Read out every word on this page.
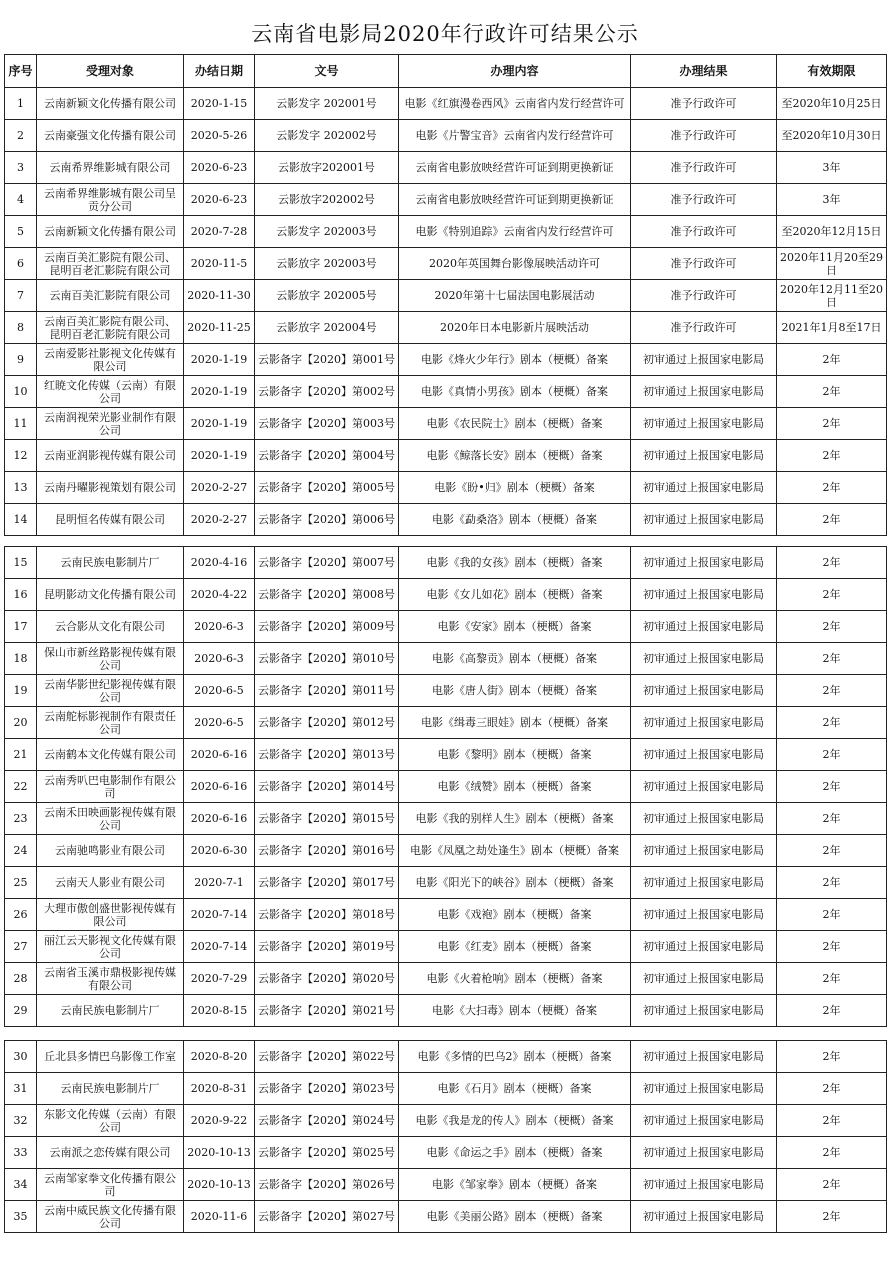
云南省电影局2020年行政许可结果公示
序号	受理对象	办结日期	文号	办理内容	办理结果	有效期限
1	云南新颖文化传播有限公司	2020-1-15	云影发字 202001号	电影《红旗漫卷西风》云南省内发行经营许可	准予行政许可	至2020年10月25日
2	云南豪强文化传播有限公司	2020-5-26	云影发字 202002号	电影《片警宝音》云南省内发行经营许可	准予行政许可	至2020年10月30日
3	云南希界维影城有限公司	2020-6-23	云影放字202001号	云南省电影放映经营许可证到期更换新证	准予行政许可	3年
4	云南希界维影城有限公司呈贡分公司	2020-6-23	云影放字202002号	云南省电影放映经营许可证到期更换新证	准予行政许可	3年
5	云南新颖文化传播有限公司	2020-7-28	云影发字 202003号	电影《特别追踪》云南省内发行经营许可	准予行政许可	至2020年12月15日
6	云南百美汇影院有限公司、昆明百老汇影院有限公司	2020-11-5	云影放字 202003号	2020年英国舞台影像展映活动许可	准予行政许可	2020年11月20至29日
7	云南百美汇影院有限公司	2020-11-30	云影放字 202005号	2020年第十七届法国电影展活动	准予行政许可	2020年12月11至20日
8	云南百美汇影院有限公司、昆明百老汇影院有限公司	2020-11-25	云影放字 202004号	2020年日本电影新片展映活动	准予行政许可	2021年1月8至17日
9	云南爱影社影视文化传媒有限公司	2020-1-19	云影备字【2020】第001号	电影《烽火少年行》剧本（梗概）备案	初审通过上报国家电影局	2年
10	红暁文化传媒（云南）有限公司	2020-1-19	云影备字【2020】第002号	电影《真情小男孩》剧本（梗概）备案	初审通过上报国家电影局	2年
11	云南润视荣光影业制作有限公司	2020-1-19	云影备字【2020】第003号	电影《农民院士》剧本（梗概）备案	初审通过上报国家电影局	2年
12	云南亚润影视传媒有限公司	2020-1-19	云影备字【2020】第004号	电影《鲸落长安》剧本（梗概）备案	初审通过上报国家电影局	2年
13	云南丹曜影视策划有限公司	2020-2-27	云影备字【2020】第005号	电影《盼•归》剧本（梗概）备案	初审通过上报国家电影局	2年
14	昆明恒名传媒有限公司	2020-2-27	云影备字【2020】第006号	电影《勐桑洛》剧本（梗概）备案	初审通过上报国家电影局	2年
15	云南民族电影制片厂	2020-4-16	云影备字【2020】第007号	电影《我的女孩》剧本（梗概）备案	初审通过上报国家电影局	2年
16	昆明影动文化传播有限公司	2020-4-22	云影备字【2020】第008号	电影《女儿如花》剧本（梗概）备案	初审通过上报国家电影局	2年
17	云合影从文化有限公司	2020-6-3	云影备字【2020】第009号	电影《安家》剧本（梗概）备案	初审通过上报国家电影局	2年
18	保山市新丝路影视传媒有限公司	2020-6-3	云影备字【2020】第010号	电影《高黎贡》剧本（梗概）备案	初审通过上报国家电影局	2年
19	云南华影世纪影视传媒有限公司	2020-6-5	云影备字【2020】第011号	电影《唐人街》剧本（梗概）备案	初审通过上报国家电影局	2年
20	云南舵标影视制作有限责任公司	2020-6-5	云影备字【2020】第012号	电影《缉毒三眼娃》剧本（梗概）备案	初审通过上报国家电影局	2年
21	云南鹤本文化传媒有限公司	2020-6-16	云影备字【2020】第013号	电影《黎明》剧本（梗概）备案	初审通过上报国家电影局	2年
22	云南秀叭巴电影制作有限公司	2020-6-16	云影备字【2020】第014号	电影《绒赞》剧本（梗概）备案	初审通过上报国家电影局	2年
23	云南禾田映画影视传媒有限公司	2020-6-16	云影备字【2020】第015号	电影《我的别样人生》剧本（梗概）备案	初审通过上报国家电影局	2年
24	云南驰鸣影业有限公司	2020-6-30	云影备字【2020】第016号	电影《凤凰之劫处逢生》剧本（梗概）备案	初审通过上报国家电影局	2年
25	云南天人影业有限公司	2020-7-1	云影备字【2020】第017号	电影《阳光下的峡谷》剧本（梗概）备案	初审通过上报国家电影局	2年
26	大理市傲创盛世影视传媒有限公司	2020-7-14	云影备字【2020】第018号	电影《戏袍》剧本（梗概）备案	初审通过上报国家电影局	2年
27	丽江云天影视文化传媒有限公司	2020-7-14	云影备字【2020】第019号	电影《红麦》剧本（梗概）备案	初审通过上报国家电影局	2年
28	云南省玉溪市鼎极影视传媒有限公司	2020-7-29	云影备字【2020】第020号	电影《火着枪响》剧本（梗概）备案	初审通过上报国家电影局	2年
29	云南民族电影制片厂	2020-8-15	云影备字【2020】第021号	电影《大扫毒》剧本（梗概）备案	初审通过上报国家电影局	2年
30	丘北县多情巴乌影像工作室	2020-8-20	云影备字【2020】第022号	电影《多情的巴乌2》剧本（梗概）备案	初审通过上报国家电影局	2年
31	云南民族电影制片厂	2020-8-31	云影备字【2020】第023号	电影《石月》剧本（梗概）备案	初审通过上报国家电影局	2年
32	东影文化传媒（云南）有限公司	2020-9-22	云影备字【2020】第024号	电影《我是龙的传人》剧本（梗概）备案	初审通过上报国家电影局	2年
33	云南派之恋传媒有限公司	2020-10-13	云影备字【2020】第025号	电影《命运之手》剧本（梗概）备案	初审通过上报国家电影局	2年
34	云南邹家拳文化传播有限公司	2020-10-13	云影备字【2020】第026号	电影《邹家拳》剧本（梗概）备案	初审通过上报国家电影局	2年
35	云南中威民族文化传播有限公司	2020-11-6	云影备字【2020】第027号	电影《美丽公路》剧本（梗概）备案	初审通过上报国家电影局	2年
